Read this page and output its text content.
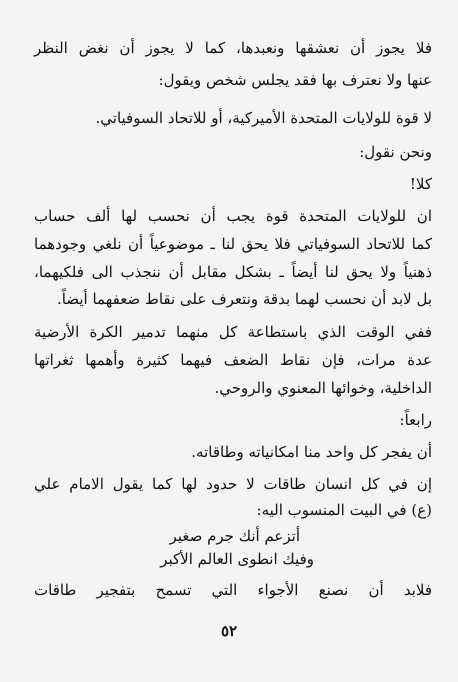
فلا يجوز أن نعشقها ونعبدها، كما لا يجوز أن نغض النظر

عنها ولا نعترف بها فقد يجلس شخص ويقول:

لا قوة للولايات المتحدة الأميركية، أو للاتحاد السوفياتي.

ونحن نقول:

كلا!

ان للولايات المتحدة قوة يجب أن نحسب لها ألف حساب

كما للاتحاد السوفياتي فلا يحق لنا ـ موضوعياً أن نلغي وجودهما

ذهنياً ولا يحق لنا أيضاً ـ بشكل مقابل أن ننجذب الى فلكيهما،

بل لابد أن نحسب لهما بدقة ونتعرف على نقاط ضعفهما أيضاً.

ففي الوقت الذي باستطاعة كل منهما تدمير الكرة الأرضية

عدة مرات، فإن نقاط الضعف فيهما كثيرة وأهمها ثغراتها

الداخلية، وخوائها المعنوي والروحي.

رابعاً:

أن يفجر كل واحد منا امكانياته وطاقاته.

إن في كل انسان طاقات لا حدود لها كما يقول الامام علي

(ع) في البيت المنسوب اليه:

أتزعم أنك جرم صغير

وفيك انطوى العالم الأكبر

فلابد أن نصنع الأجواء التي تسمح بتفجير طاقات

٥٢
